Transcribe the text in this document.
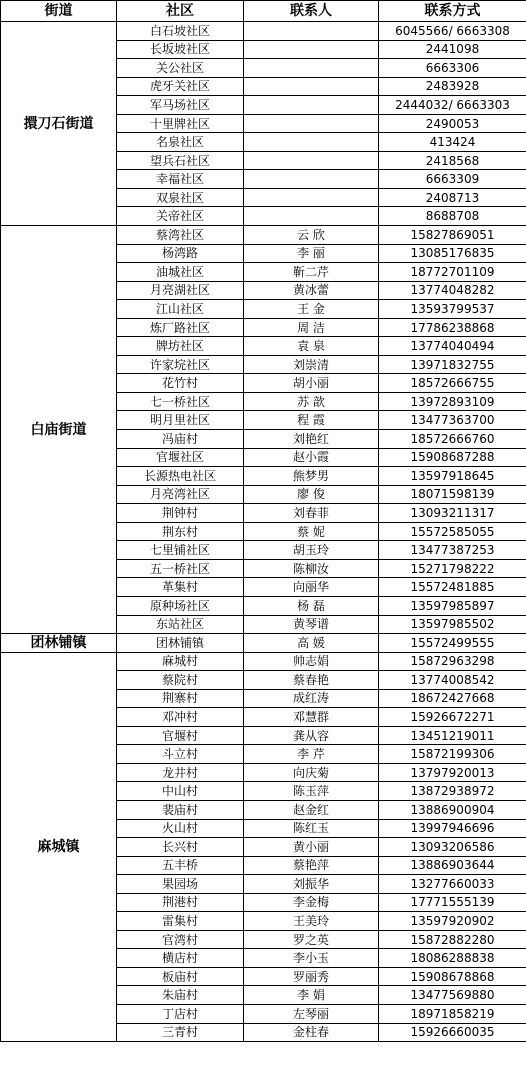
街道	社区	联系人	联系方式
擐刀石街道	白石坡社区		6045566/ 6663308
	长坂坡社区		2441098
	关公社区		6663306
	虎牙关社区		2483928
	军马场社区		2444032/ 6663303
	十里牌社区		2490053
	名泉社区		413424
	望兵石社区		2418568
	幸福社区		6663309
	双泉社区		2408713
	关帝社区		8688708
白庙街道	蔡湾社区	云 欣	15827869051
	杨湾路	李 丽	13085176835
	油城社区	靳二芹	18772701109
	月亮湖社区	黄冰蕾	13774048282
	江山社区	王 金	13593799537
	炼厂路社区	周 洁	17786238868
	牌坊社区	袁 泉	13774040494
	许家垸社区	刘崇清	13971832755
	花竹村	胡小丽	18572666755
	七一桥社区	苏 歆	13972893109
	明月里社区	程 霞	13477363700
	冯庙村	刘艳红	18572666760
	官堰社区	赵小霞	15908687288
	长源热电社区	熊梦男	13597918645
	月亮湾社区	廖 俊	18071598139
	荆钟村	刘春菲	13093211317
	荆东村	蔡 妮	15572585055
	七里铺社区	胡玉玲	13477387253
	五一桥社区	陈柳汝	15271798222
	革集村	向丽华	15572481885
	原种场社区	杨 磊	13597985897
	东站社区	黄琴谱	13597985502
团林铺镇	团林铺镇	高 媛	15572499555
麻城镇	麻城村	帅志娟	15872963298
	蔡院村	蔡春艳	13774008542
	荆寨村	成红涛	18672427668
	邓冲村	邓慧群	15926672271
	官堰村	龚从容	13451219011
	斗立村	李 芹	15872199306
	龙井村	向庆菊	13797920013
	中山村	陈玉萍	13872938972
	裴庙村	赵金红	13886900904
	火山村	陈红玉	13997946696
	长兴村	黄小丽	13093206586
	五丰桥	蔡艳萍	13886903644
	果园场	刘振华	13277660033
	荆港村	李金梅	17771555139
	雷集村	王美玲	13597920902
	官湾村	罗之英	15872882280
	横店村	李小玉	18086288838
	板庙村	罗丽秀	15908678868
	朱庙村	李 娟	13477569880
	丁店村	左琴丽	18971858219
	三青村	金柱春	15926660035
